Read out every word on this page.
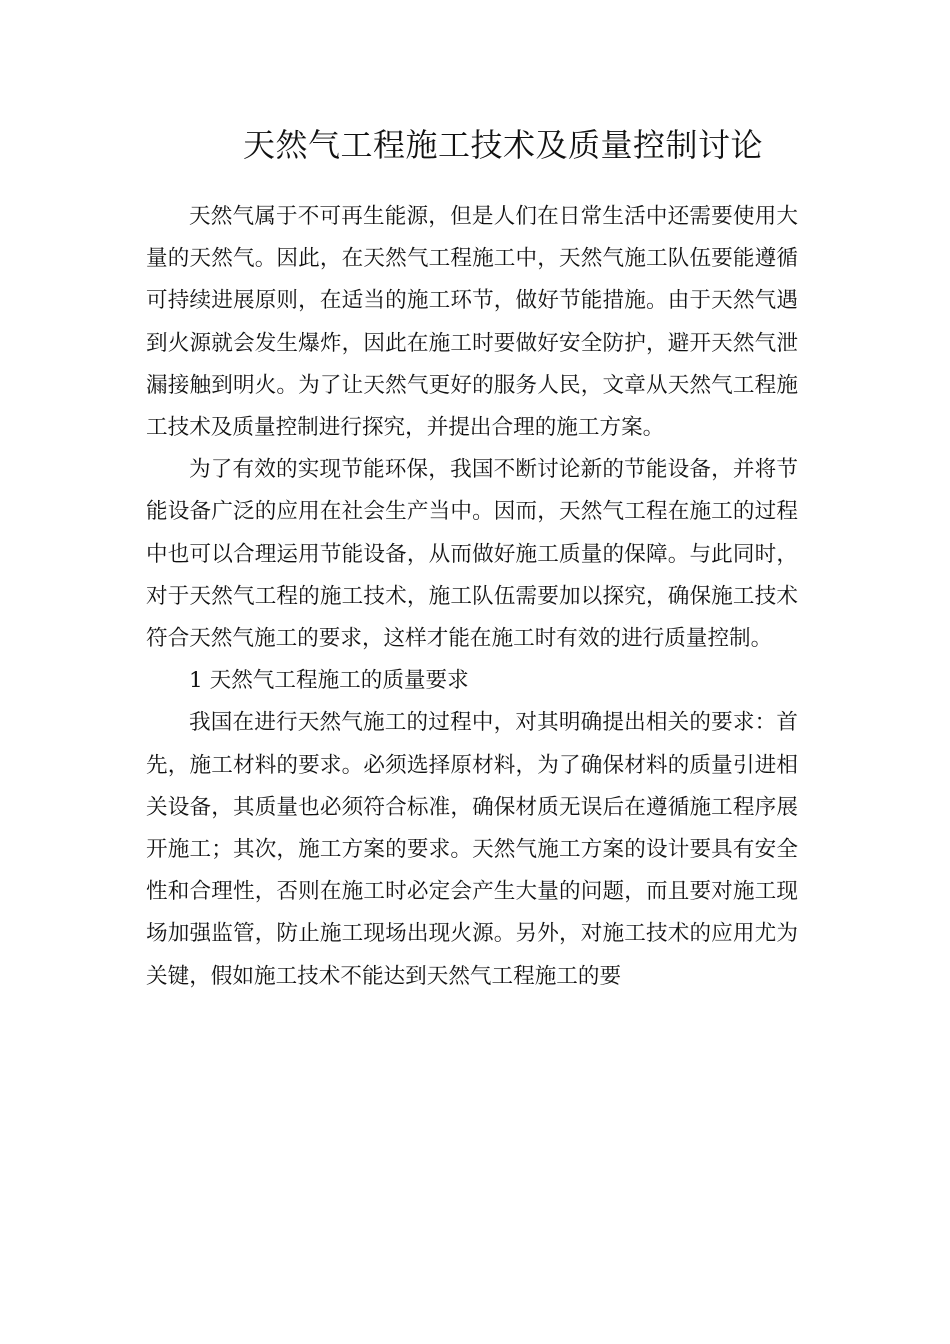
天然气工程施工技术及质量控制讨论

天然气属于不可再生能源，但是人们在日常生活中还需要使用大量的天然气。因此，在天然气工程施工中，天然气施工队伍要能遵循可持续进展原则，在适当的施工环节，做好节能措施。由于天然气遇到火源就会发生爆炸，因此在施工时要做好安全防护，避开天然气泄漏接触到明火。为了让天然气更好的服务人民，文章从天然气工程施工技术及质量控制进行探究，并提出合理的施工方案。

为了有效的实现节能环保，我国不断讨论新的节能设备，并将节能设备广泛的应用在社会生产当中。因而，天然气工程在施工的过程中也可以合理运用节能设备，从而做好施工质量的保障。与此同时，对于天然气工程的施工技术，施工队伍需要加以探究，确保施工技术符合天然气施工的要求，这样才能在施工时有效的进行质量控制。

1 天然气工程施工的质量要求

我国在进行天然气施工的过程中，对其明确提出相关的要求：首先，施工材料的要求。必须选择原材料，为了确保材料的质量引进相关设备，其质量也必须符合标准，确保材质无误后在遵循施工程序展开施工；其次，施工方案的要求。天然气施工方案的设计要具有安全性和合理性，否则在施工时必定会产生大量的问题，而且要对施工现场加强监管，防止施工现场出现火源。另外，对施工技术的应用尤为关键，假如施工技术不能达到天然气工程施工的要
